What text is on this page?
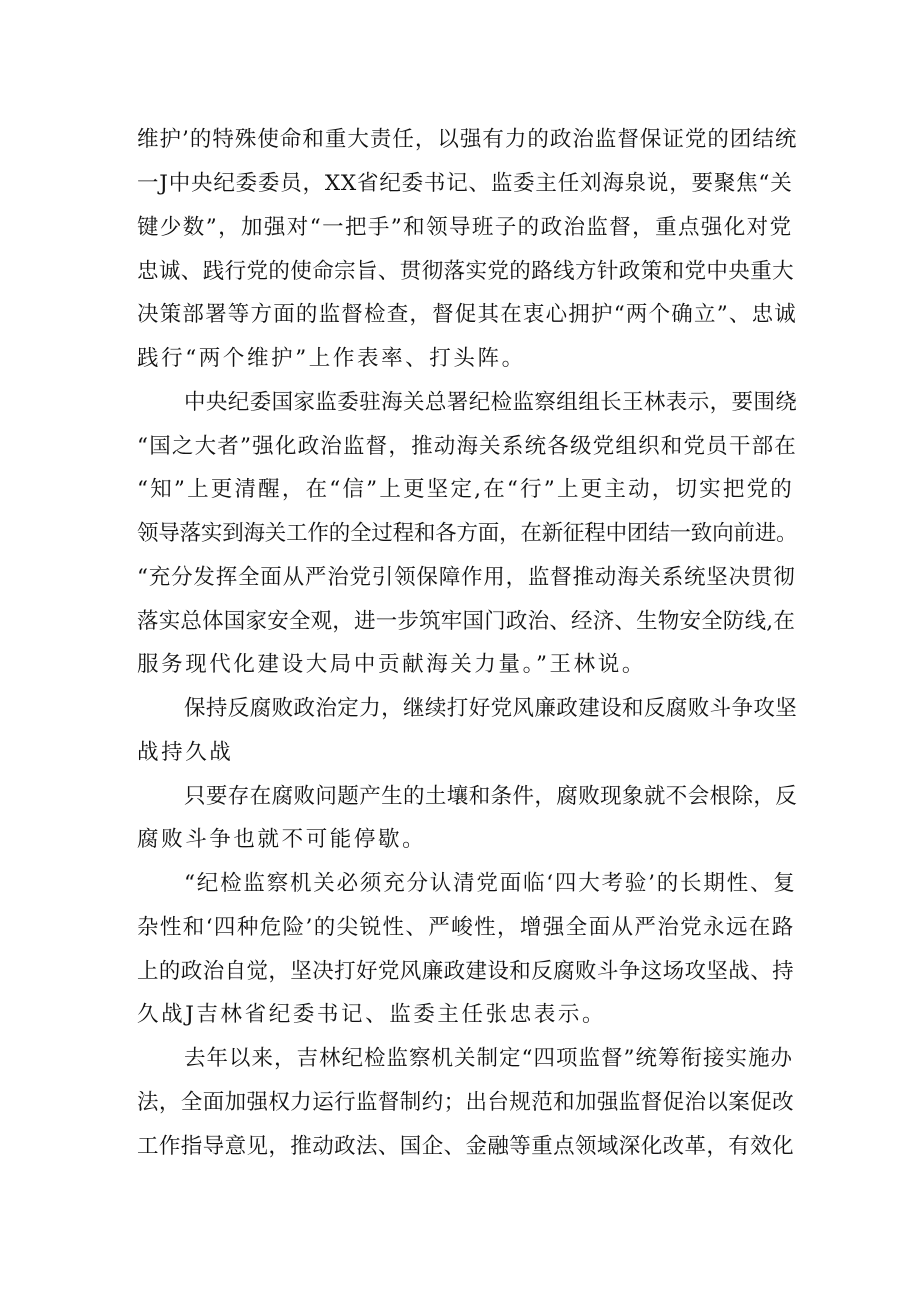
维护’的特殊使命和重大责任，以强有力的政治监督保证党的团结统
一J中央纪委委员，XX省纪委书记、监委主任刘海泉说，要聚焦“关
键少数”，加强对“一把手”和领导班子的政治监督，重点强化对党
忠诚、践行党的使命宗旨、贯彻落实党的路线方针政策和党中央重大
决策部署等方面的监督检查，督促其在衷心拥护“两个确立”、忠诚
践行“两个维护”上作表率、打头阵。
中央纪委国家监委驻海关总署纪检监察组组长王林表示，要围绕
“国之大者”强化政治监督，推动海关系统各级党组织和党员干部在
“知”上更清醒，在“信”上更坚定,在“行”上更主动，切实把党的
领导落实到海关工作的全过程和各方面，在新征程中团结一致向前进。
“充分发挥全面从严治党引领保障作用，监督推动海关系统坚决贯彻
落实总体国家安全观，进一步筑牢国门政治、经济、生物安全防线,在
服务现代化建设大局中贡献海关力量。”王林说。
保持反腐败政治定力，继续打好党风廉政建设和反腐败斗争攻坚
战持久战
只要存在腐败问题产生的土壤和条件，腐败现象就不会根除，反
腐败斗争也就不可能停歇。
“纪检监察机关必须充分认清党面临‘四大考验’的长期性、复
杂性和‘四种危险’的尖锐性、严峻性，增强全面从严治党永远在路
上的政治自觉，坚决打好党风廉政建设和反腐败斗争这场攻坚战、持
久战J吉林省纪委书记、监委主任张忠表示。
去年以来，吉林纪检监察机关制定“四项监督”统筹衔接实施办
法，全面加强权力运行监督制约；出台规范和加强监督促治以案促改
工作指导意见，推动政法、国企、金融等重点领域深化改革，有效化
